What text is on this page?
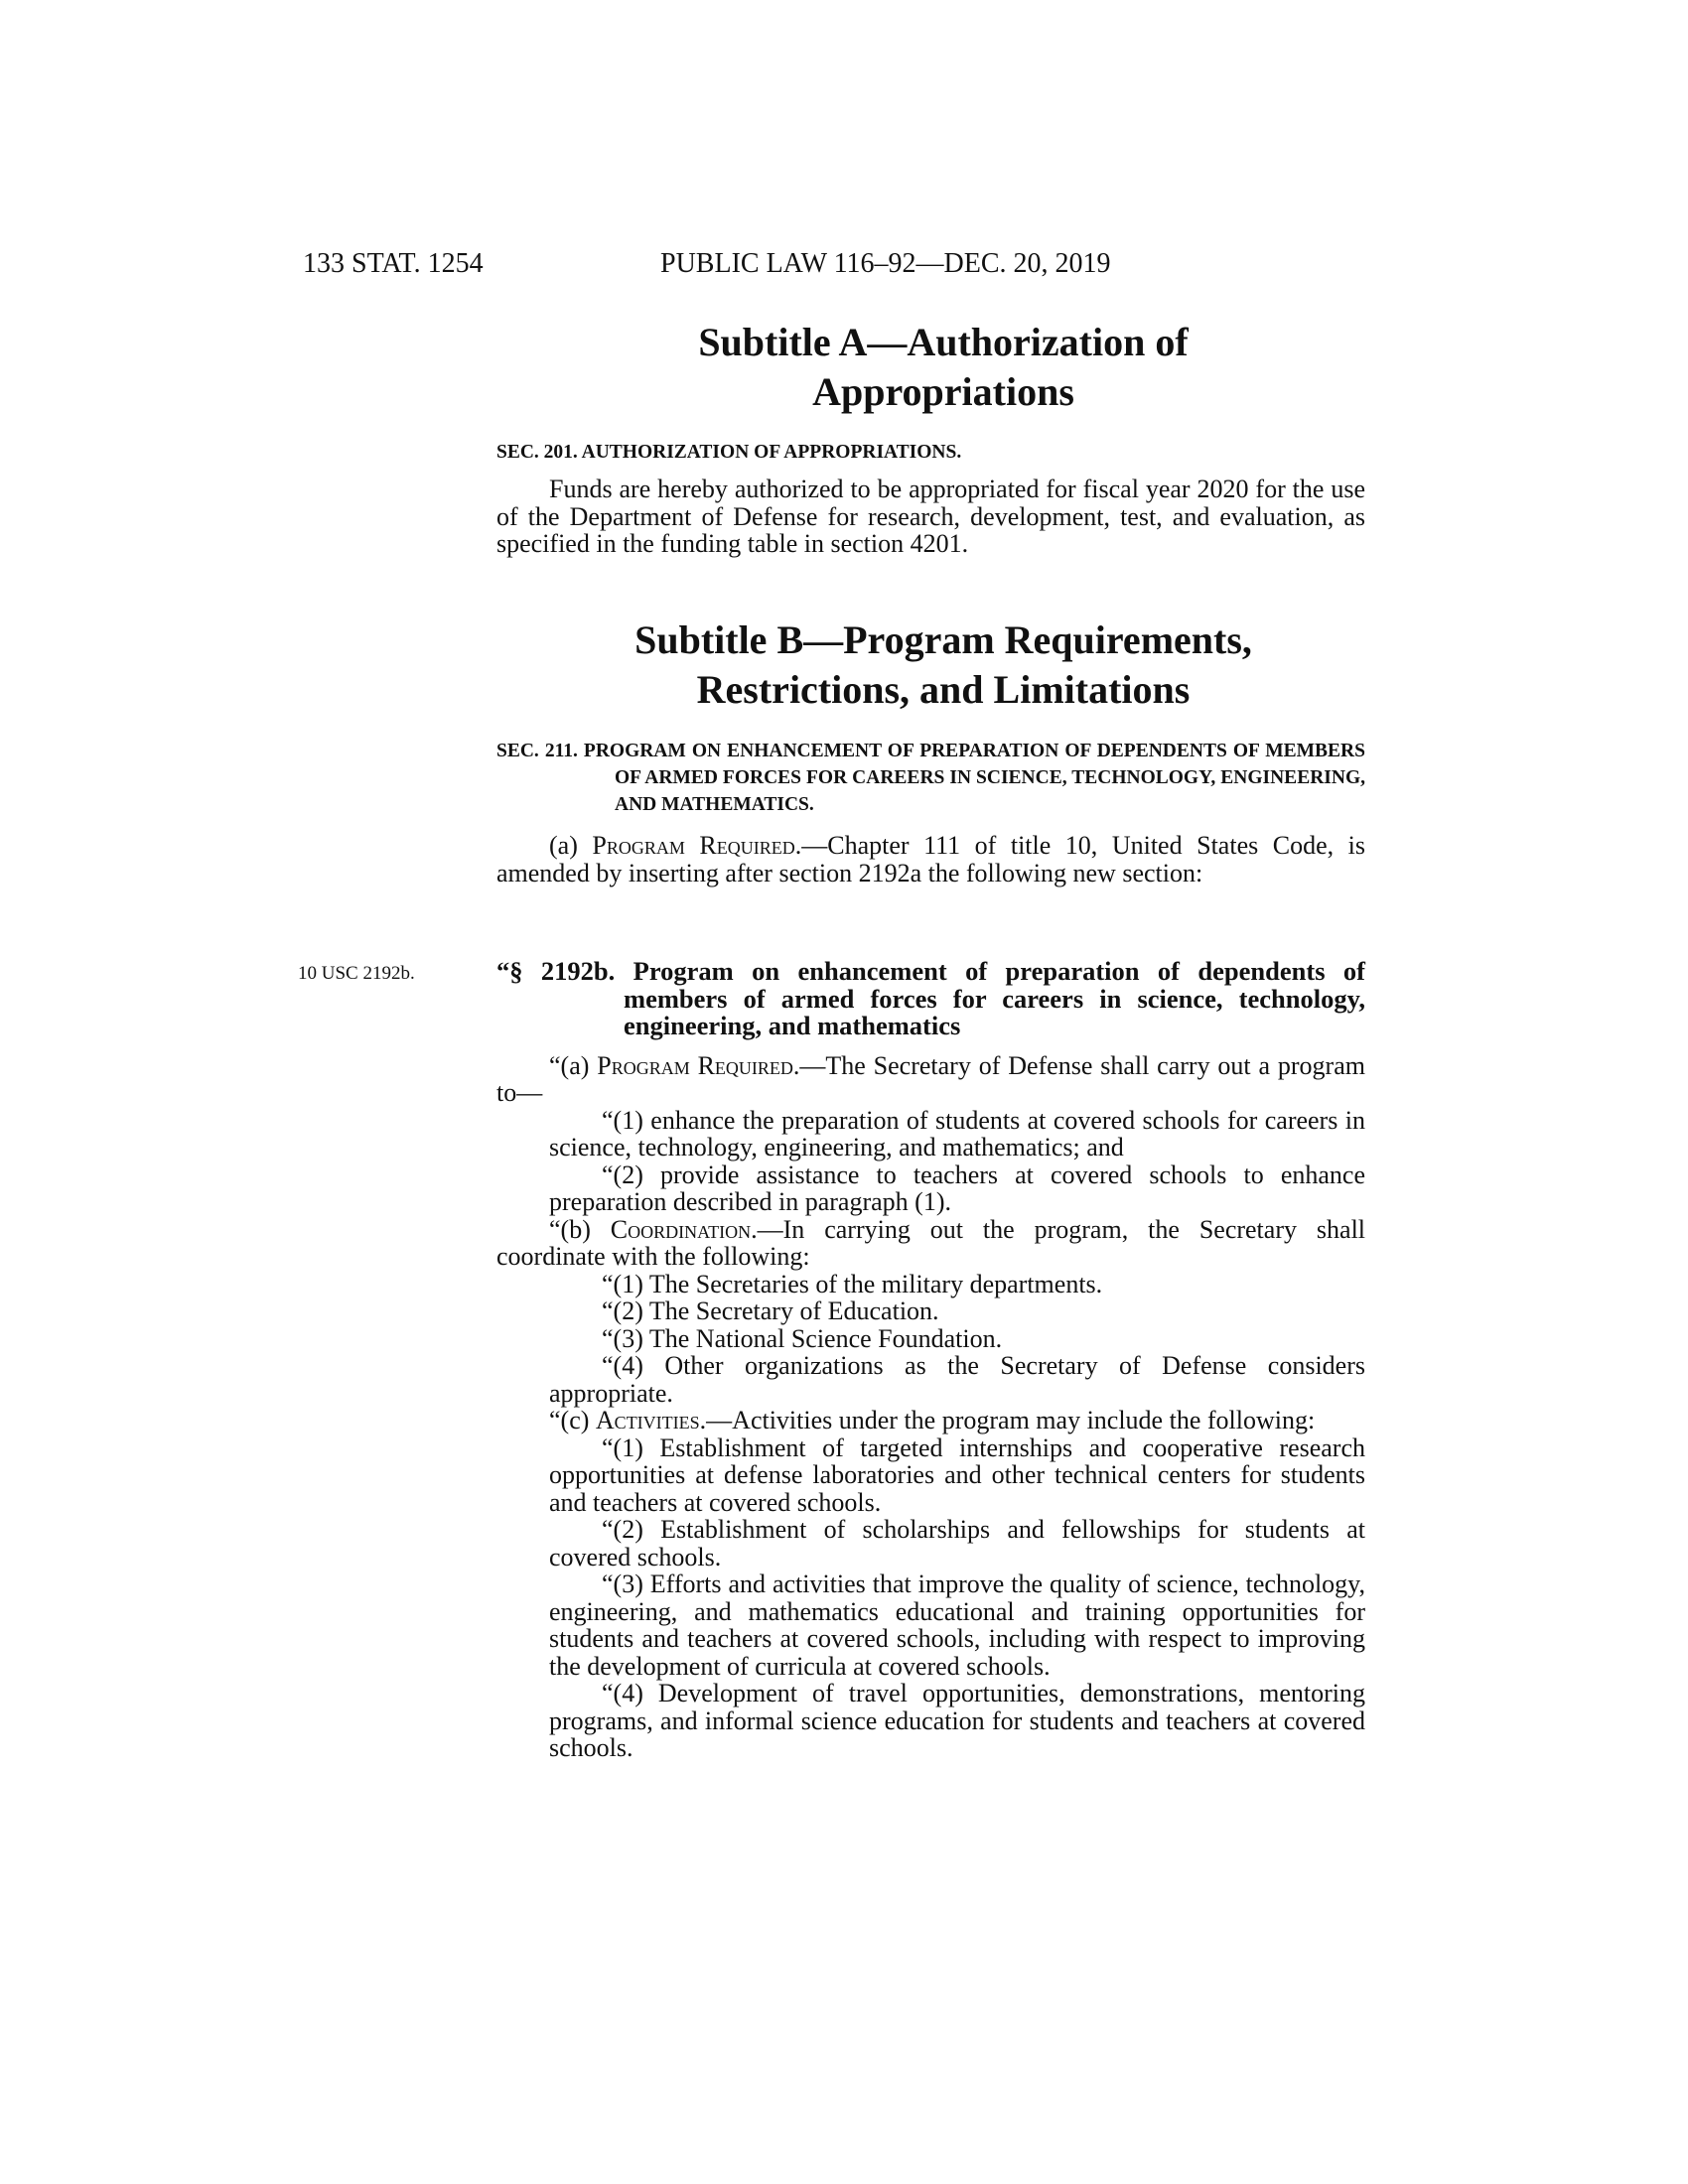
133 STAT. 1254	PUBLIC LAW 116–92—DEC. 20, 2019

Subtitle A—Authorization of
Appropriations

SEC. 201. AUTHORIZATION OF APPROPRIATIONS.

Funds are hereby authorized to be appropriated for fiscal year 2020 for the use of the Department of Defense for research, development, test, and evaluation, as specified in the funding table in section 4201.

Subtitle B—Program Requirements,
Restrictions, and Limitations

SEC. 211. PROGRAM ON ENHANCEMENT OF PREPARATION OF DEPENDENTS OF MEMBERS OF ARMED FORCES FOR CAREERS IN SCIENCE, TECHNOLOGY, ENGINEERING, AND MATHEMATICS.

(a) Program Required.—Chapter 111 of title 10, United States Code, is amended by inserting after section 2192a the following new section:

10 USC 2192b.	“§ 2192b. Program on enhancement of preparation of dependents of members of armed forces for careers in science, technology, engineering, and mathematics

“(a) Program Required.—The Secretary of Defense shall carry out a program to—

“(1) enhance the preparation of students at covered schools for careers in science, technology, engineering, and mathematics; and

“(2) provide assistance to teachers at covered schools to enhance preparation described in paragraph (1).

“(b) Coordination.—In carrying out the program, the Secretary shall coordinate with the following:

“(1) The Secretaries of the military departments.

“(2) The Secretary of Education.

“(3) The National Science Foundation.

“(4) Other organizations as the Secretary of Defense considers appropriate.

“(c) Activities.—Activities under the program may include the following:

“(1) Establishment of targeted internships and cooperative research opportunities at defense laboratories and other technical centers for students and teachers at covered schools.

“(2) Establishment of scholarships and fellowships for students at covered schools.

“(3) Efforts and activities that improve the quality of science, technology, engineering, and mathematics educational and training opportunities for students and teachers at covered schools, including with respect to improving the development of curricula at covered schools.

“(4) Development of travel opportunities, demonstrations, mentoring programs, and informal science education for students and teachers at covered schools.
